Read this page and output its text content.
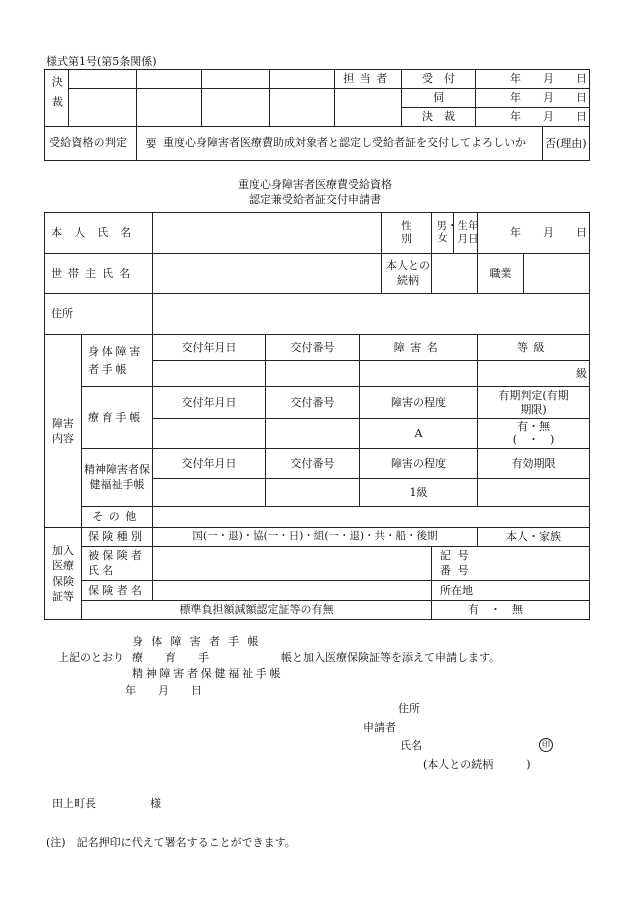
様式第1号(第5条関係)
決裁					担当者	受　付	年　　月　　日	
						伺	年　　月　　日	
						決　裁	年　　月　　日	

受給資格の判定		要 重度心身障害者医療費助成対象者と認定し受給者証を交付してよろしいか						否(理由)
重度心身障害者医療費受給資格
認定兼受給者証交付申請書
本人氏名					性別	男・女	生年月日	年　　月　　日	

世帯主氏名					本人との続柄			職業	

住所									

障害内容	身体障害者手帳	交付年月日	交付番号	障害名				等級	
								級	

	療育手帳	交付年月日	交付番号	障害の程度				有期判定(有期期限)	

				A				有・無
(　・　)	

	精神障害者保健福祉手帳	交付年月日	交付番号	障害の程度				有効期限	
				1級					
	その他								

加入医療保険証等	保険種別	国(一・退)・協(一・日)・組(一・退)・共・船・後期						本人・家族	

	被保険者氏名					記号
番号			

	保険者名					所在地			
	標準負担額減額認定証等の有無					有　・　無			
身体障害者手帳
上記のとおり 療　　育　　手　　	帳と加入医療保険証等を添えて申請します。
精神障害者保健福祉手帳
年　　月　　日
住所
申請者
氏名	印
(本人との続柄　　　)
田上町長	様
(注)　記名押印に代えて署名することができます。
